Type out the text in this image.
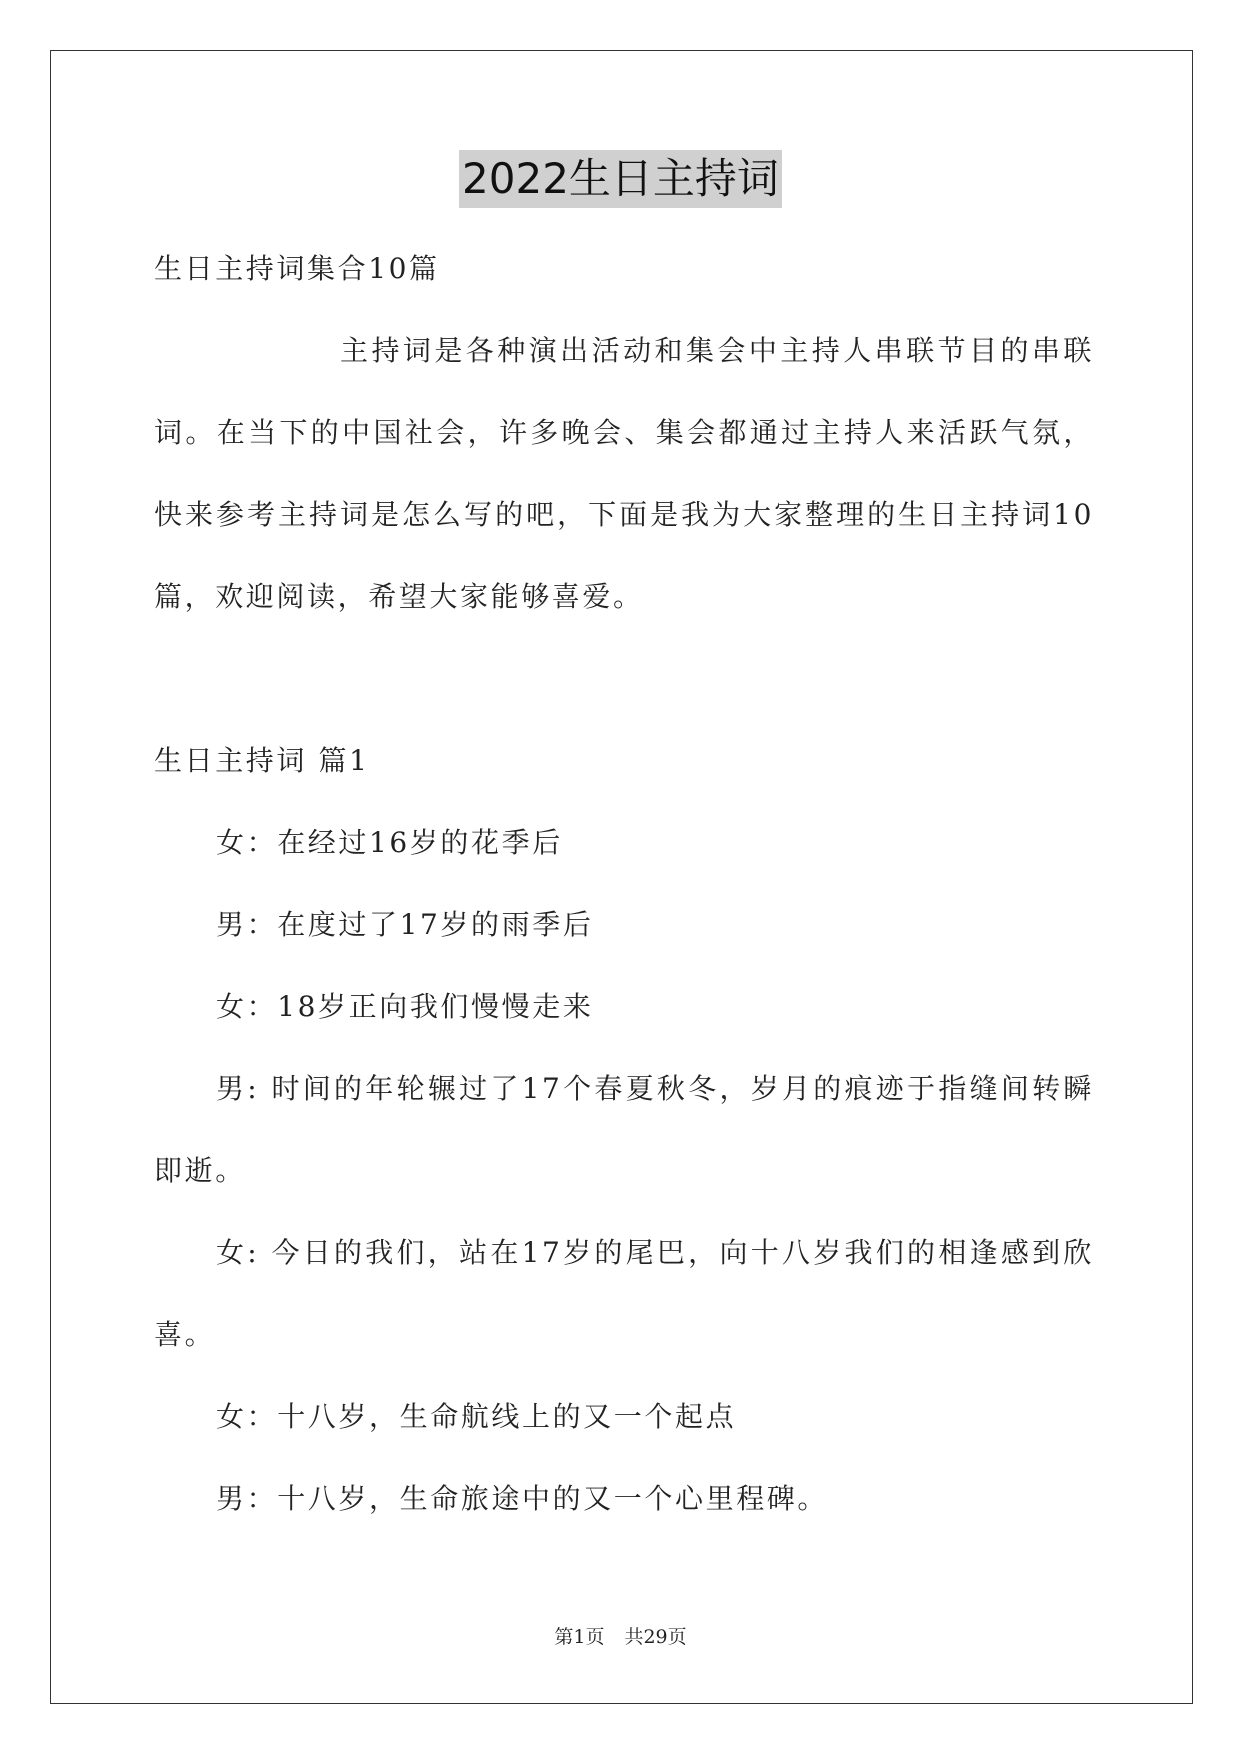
2022生日主持词
生日主持词集合10篇
主持词是各种演出活动和集会中主持人串联节目的串联
词。在当下的中国社会，许多晚会、集会都通过主持人来活跃气氛，
快来参考主持词是怎么写的吧，下面是我为大家整理的生日主持词10
篇，欢迎阅读，希望大家能够喜爱。
生日主持词 篇1
女：在经过16岁的花季后
男：在度过了17岁的雨季后
女：18岁正向我们慢慢走来
男: 时间的年轮辗过了17个春夏秋冬，岁月的痕迹于指缝间转瞬
即逝。
女: 今日的我们，站在17岁的尾巴，向十八岁我们的相逢感到欣
喜。
女：十八岁，生命航线上的又一个起点
男：十八岁，生命旅途中的又一个心里程碑。
第1页 共29页
